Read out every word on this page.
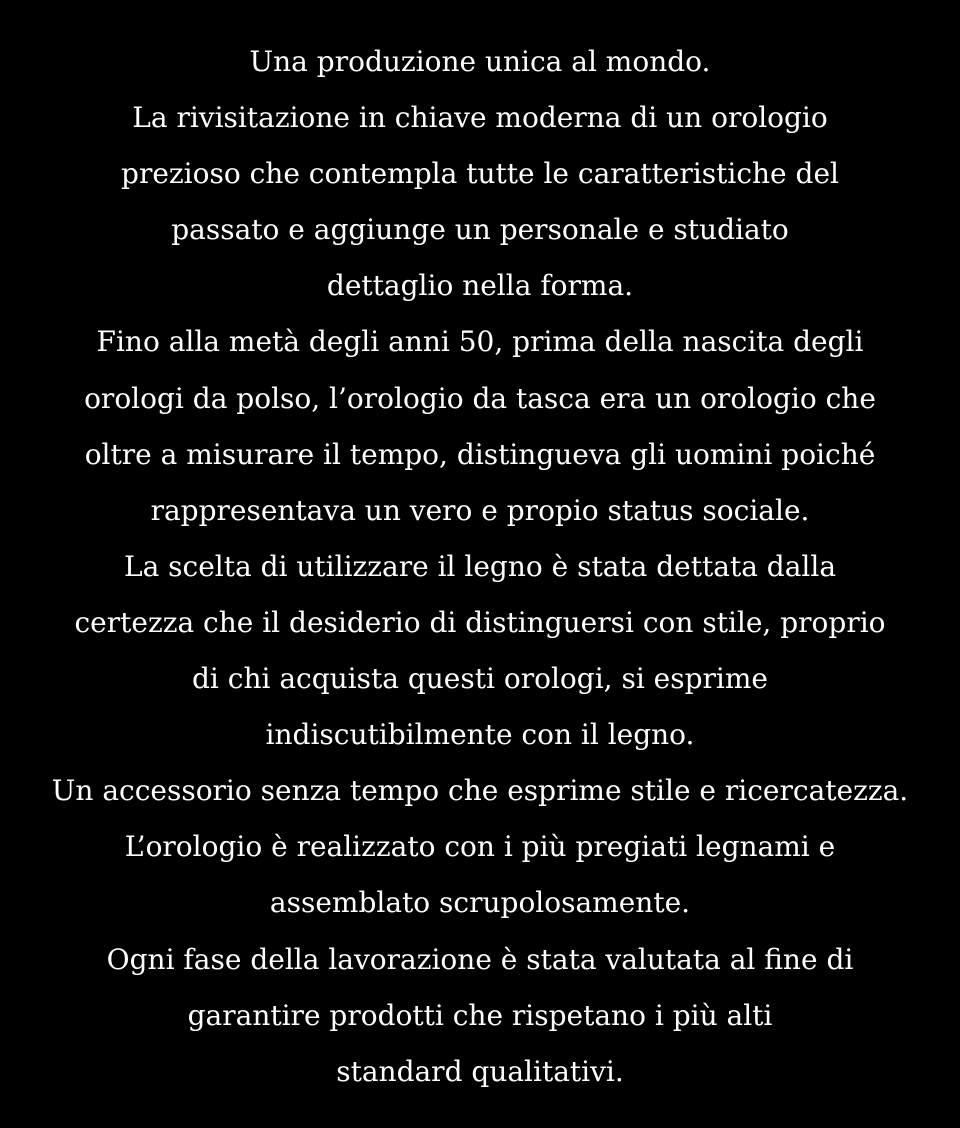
Una produzione unica al mondo.
La rivisitazione in chiave moderna di un orologio
prezioso che contempla tutte le caratteristiche del
passato e aggiunge un personale e studiato
dettaglio nella forma.
Fino alla metà degli anni 50, prima della nascita degli
orologi da polso, l’orologio da tasca era un orologio che
oltre a misurare il tempo, distingueva gli uomini poiché
rappresentava un vero e propio status sociale.
La scelta di utilizzare il legno è stata dettata dalla
certezza che il desiderio di distinguersi con stile, proprio
di chi acquista questi orologi, si esprime
indiscutibilmente con il legno.
Un accessorio senza tempo che esprime stile e ricercatezza.
L’orologio è realizzato con i più pregiati legnami e
assemblato scrupolosamente.
Ogni fase della lavorazione è stata valutata al fine di
garantire prodotti che rispetano i più alti
standard qualitativi.
